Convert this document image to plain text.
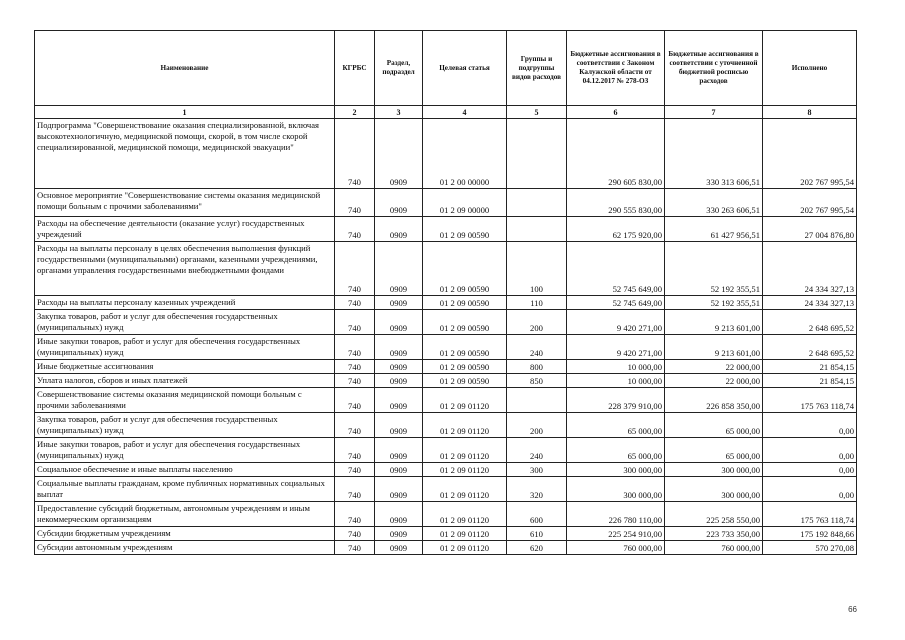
Наименование	КГРБС	Раздел, подраздел	Целевая статья	Группы и подгруппы видов расходов	Бюджетные ассигнования в соответствии с Законом Калужской области от 04.12.2017 № 278-ОЗ	Бюджетные ассигнования в соответствии с уточненной бюджетной росписью расходов	Исполнено
1	2	3	4	5	6	7	8
Подпрограмма "Совершенствование оказания специализированной, включая высокотехнологичную, медицинской помощи, скорой, в том числе скорой специализированной, медицинской помощи, медицинской эвакуации"	740	0909	01 2 00 00000		290 605 830,00	330 313 606,51	202 767 995,54
Основное мероприятие "Совершенствование системы оказания медицинской помощи больным с прочими заболеваниями"	740	0909	01 2 09 00000		290 555 830,00	330 263 606,51	202 767 995,54
Расходы на обеспечение деятельности (оказание услуг) государственных учреждений	740	0909	01 2 09 00590		62 175 920,00	61 427 956,51	27 004 876,80
Расходы на выплаты персоналу в целях обеспечения выполнения функций государственными (муниципальными) органами, казенными учреждениями, органами управления государственными внебюджетными фондами	740	0909	01 2 09 00590	100	52 745 649,00	52 192 355,51	24 334 327,13
Расходы на выплаты персоналу казенных учреждений	740	0909	01 2 09 00590	110	52 745 649,00	52 192 355,51	24 334 327,13
Закупка товаров, работ и услуг для обеспечения государственных (муниципальных) нужд	740	0909	01 2 09 00590	200	9 420 271,00	9 213 601,00	2 648 695,52
Иные закупки товаров, работ и услуг для обеспечения государственных (муниципальных) нужд	740	0909	01 2 09 00590	240	9 420 271,00	9 213 601,00	2 648 695,52
Иные бюджетные ассигнования	740	0909	01 2 09 00590	800	10 000,00	22 000,00	21 854,15
Уплата налогов, сборов и иных платежей	740	0909	01 2 09 00590	850	10 000,00	22 000,00	21 854,15
Совершенствование системы оказания медицинской помощи больным с прочими заболеваниями	740	0909	01 2 09 01120		228 379 910,00	226 858 350,00	175 763 118,74
Закупка товаров, работ и услуг для обеспечения государственных (муниципальных) нужд	740	0909	01 2 09 01120	200	65 000,00	65 000,00	0,00
Иные закупки товаров, работ и услуг для обеспечения государственных (муниципальных) нужд	740	0909	01 2 09 01120	240	65 000,00	65 000,00	0,00
Социальное обеспечение и иные выплаты населению	740	0909	01 2 09 01120	300	300 000,00	300 000,00	0,00
Социальные выплаты гражданам, кроме публичных нормативных социальных выплат	740	0909	01 2 09 01120	320	300 000,00	300 000,00	0,00
Предоставление субсидий бюджетным, автономным учреждениям и иным некоммерческим организациям	740	0909	01 2 09 01120	600	226 780 110,00	225 258 550,00	175 763 118,74
Субсидии бюджетным учреждениям	740	0909	01 2 09 01120	610	225 254 910,00	223 733 350,00	175 192 848,66
Субсидии автономным учреждениям	740	0909	01 2 09 01120	620	760 000,00	760 000,00	570 270,08
66
